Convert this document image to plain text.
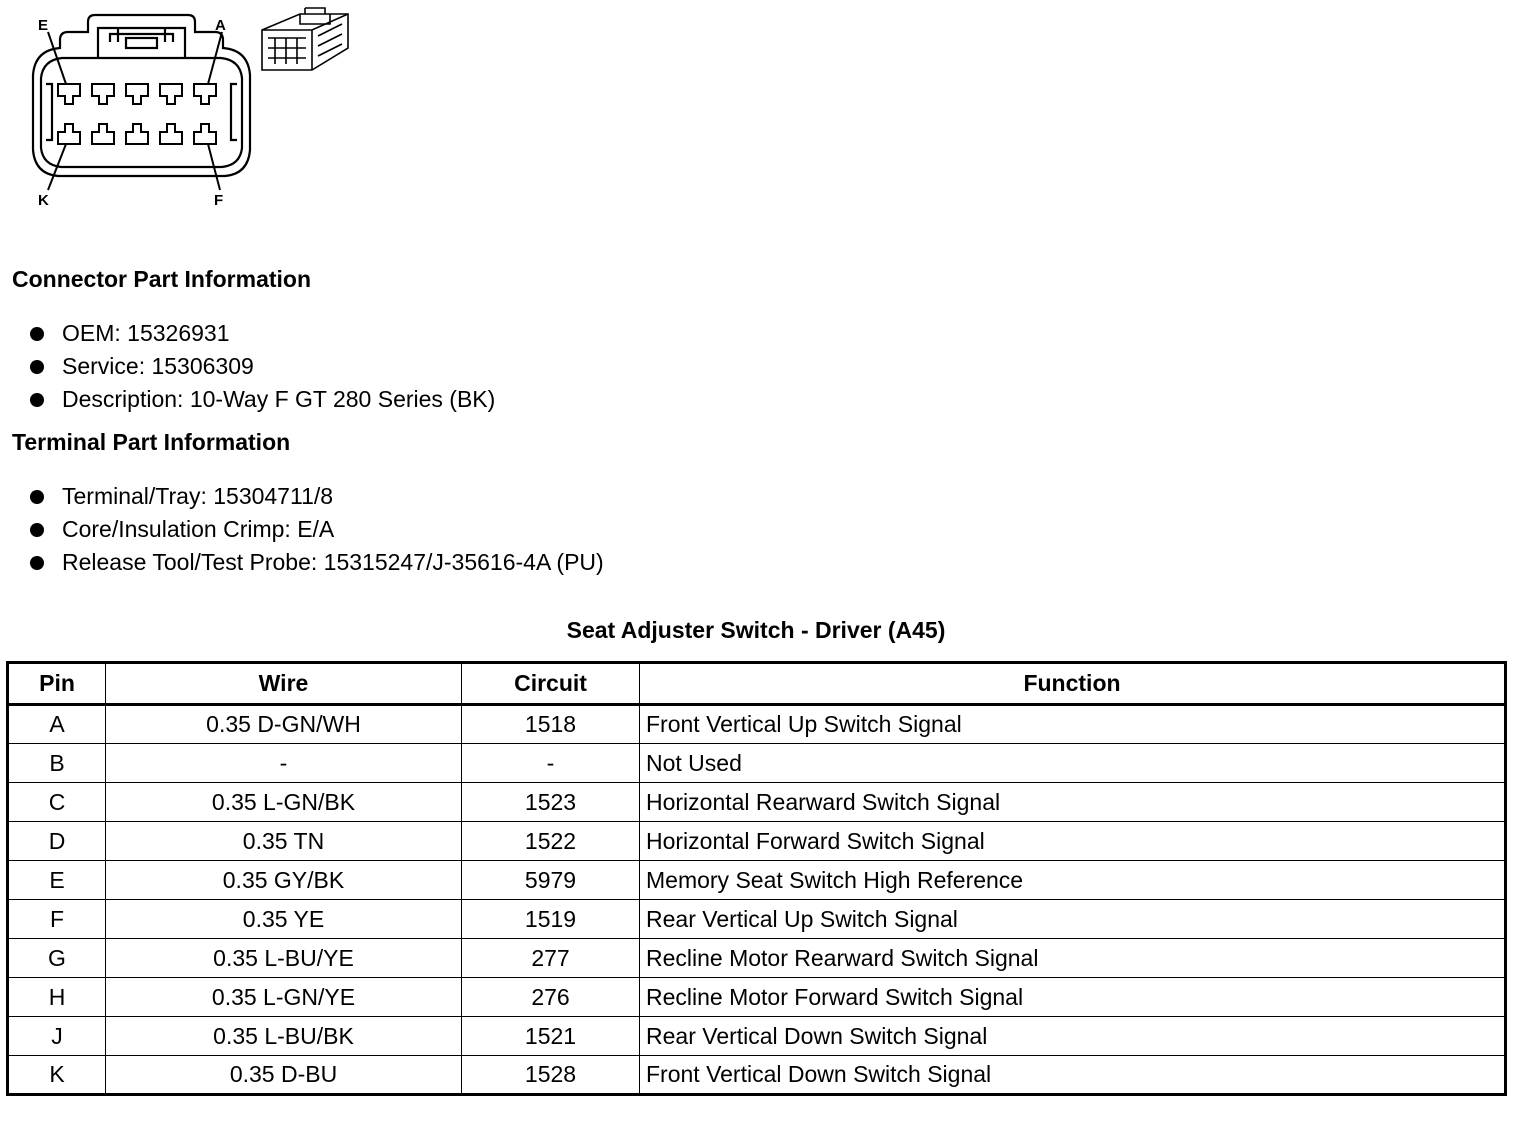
E	A
K	F
Connector Part Information
OEM: 15326931
Service: 15306309
Description: 10-Way F GT 280 Series (BK)
Terminal Part Information
Terminal/Tray: 15304711/8
Core/Insulation Crimp: E/A
Release Tool/Test Probe: 15315247/J-35616-4A (PU)
Seat Adjuster Switch - Driver (A45)
Pin	Wire	Circuit	Function
A	0.35 D-GN/WH	1518	Front Vertical Up Switch Signal
B	-	-	Not Used
C	0.35 L-GN/BK	1523	Horizontal Rearward Switch Signal
D	0.35 TN	1522	Horizontal Forward Switch Signal
E	0.35 GY/BK	5979	Memory Seat Switch High Reference
F	0.35 YE	1519	Rear Vertical Up Switch Signal
G	0.35 L-BU/YE	277	Recline Motor Rearward Switch Signal
H	0.35 L-GN/YE	276	Recline Motor Forward Switch Signal
J	0.35 L-BU/BK	1521	Rear Vertical Down Switch Signal
K	0.35 D-BU	1528	Front Vertical Down Switch Signal
